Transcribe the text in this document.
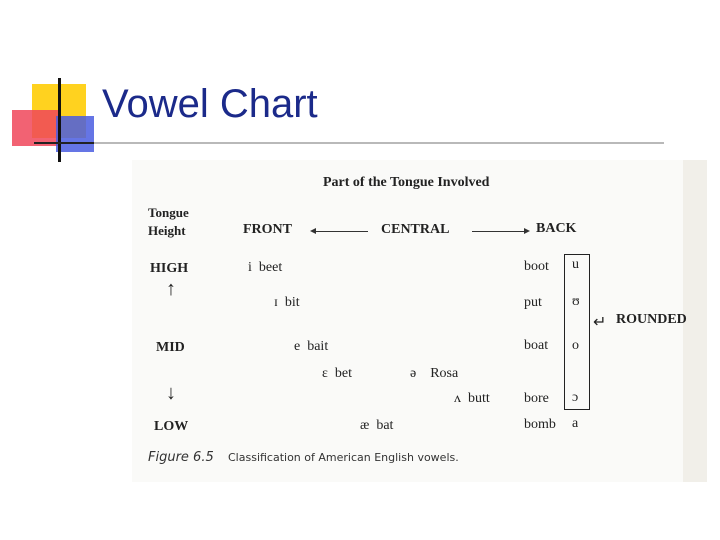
Vowel Chart
Part of the Tongue Involved
Tongue
Height	FRONT	CENTRAL	BACK
HIGH
↑
MID
↓
LOW
i beet
ɪ bit
e bait
ɛ bet	ə Rosa
ʌ butt
æ bat
boot
put
boat
bore
bomb
u
ʊ
o
ɔ
a
↵ ROUNDED
Figure 6.5 Classification of American English vowels.
